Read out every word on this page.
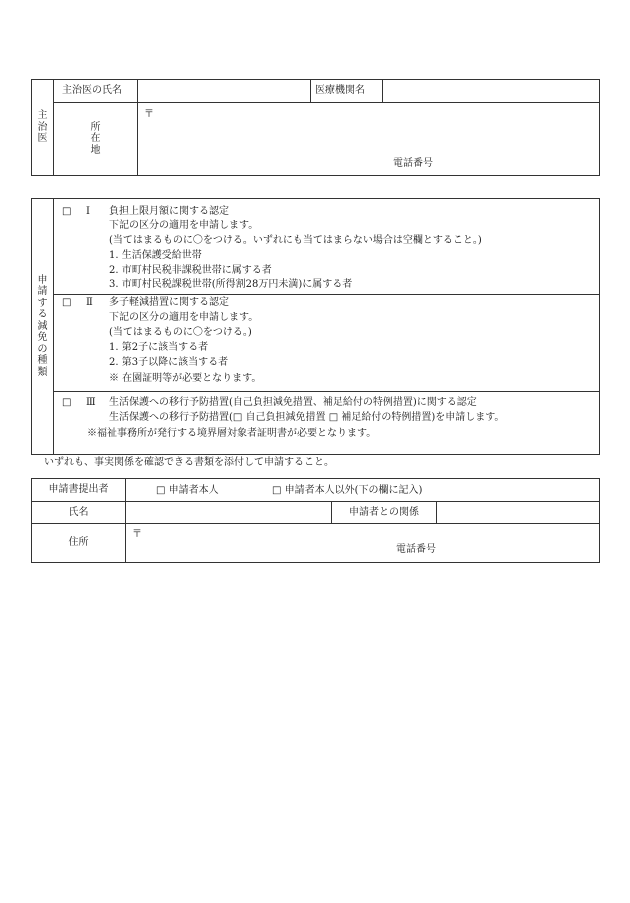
主治医	主治医の氏名		医療機関名	
	所在地	〒
電話番号		
申請する減免の種類	
□ Ⅰ 負担上限月額に関する認定
下記の区分の適用を申請します。
(当てはまるものに〇をつける。いずれにも当てはまらない場合は空欄とすること。)
1. 生活保護受給世帯
2. 市町村民税非課税世帯に属する者
3. 市町村民税課税世帯(所得割28万円未満)に属する者

□ Ⅱ 多子軽減措置に関する認定
下記の区分の適用を申請します。
(当てはまるものに〇をつける。)
1. 第2子に該当する者
2. 第3子以降に該当する者
※ 在園証明等が必要となります。

□ Ⅲ 生活保護への移行予防措置(自己負担減免措置、補足給付の特例措置)に関する認定
生活保護への移行予防措置(□ 自己負担減免措置 □ 補足給付の特例措置)を申請します。
※福祉事務所が発行する境界層対象者証明書が必要となります。
いずれも、事実関係を確認できる書類を添付して申請すること。
申請書提出者	□ 申請者本人 □ 申請者本人以外(下の欄に記入)		

氏名		申請者との関係	
住所	〒
電話番号		
